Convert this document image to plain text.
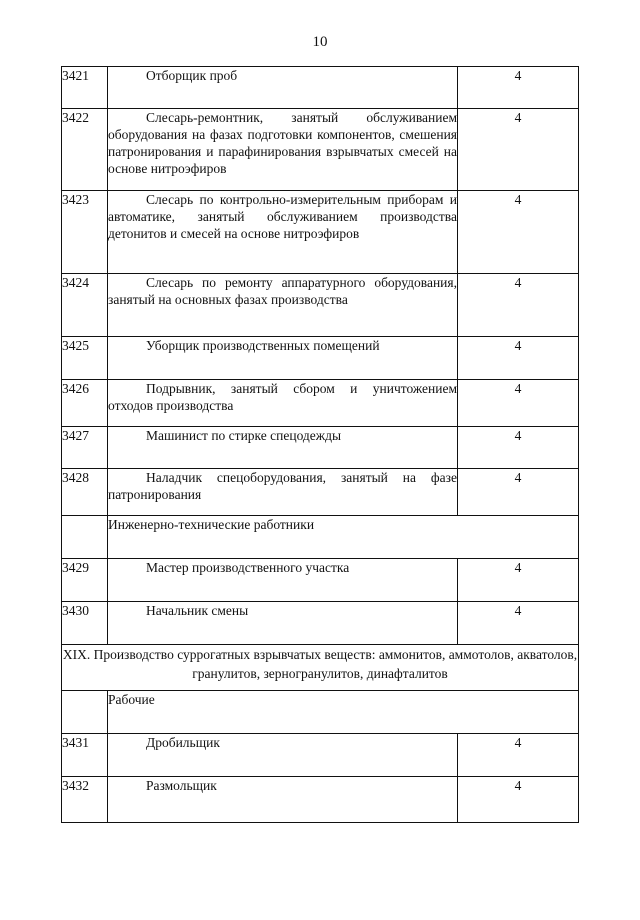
10
3421	Отборщик проб	4
3422	Слесарь-ремонтник, занятый обслуживанием оборудования на фазах подготовки компонентов, смешения патронирования и парафинирования взрывчатых смесей на основе нитроэфиров	4
3423	Слесарь по контрольно-измерительным приборам и автоматике, занятый обслуживанием производства детонитов и смесей на основе нитроэфиров	4
3424	Слесарь по ремонту аппаратурного оборудования, занятый на основных фазах производства	4
3425	Уборщик производственных помещений	4
3426	Подрывник, занятый сбором и уничтожением отходов производства	4
3427	Машинист по стирке спецодежды	4
3428	Наладчик спецоборудования, занятый на фазе патронирования	4
	Инженерно-технические работники	
3429	Мастер производственного участка	4
3430	Начальник смены	4
XIX. Производство суррогатных взрывчатых веществ: аммонитов, аммотолов, акватолов, гранулитов, зерногранулитов, динафталитов		
	Рабочие	
3431	Дробильщик	4
3432	Размольщик	4
